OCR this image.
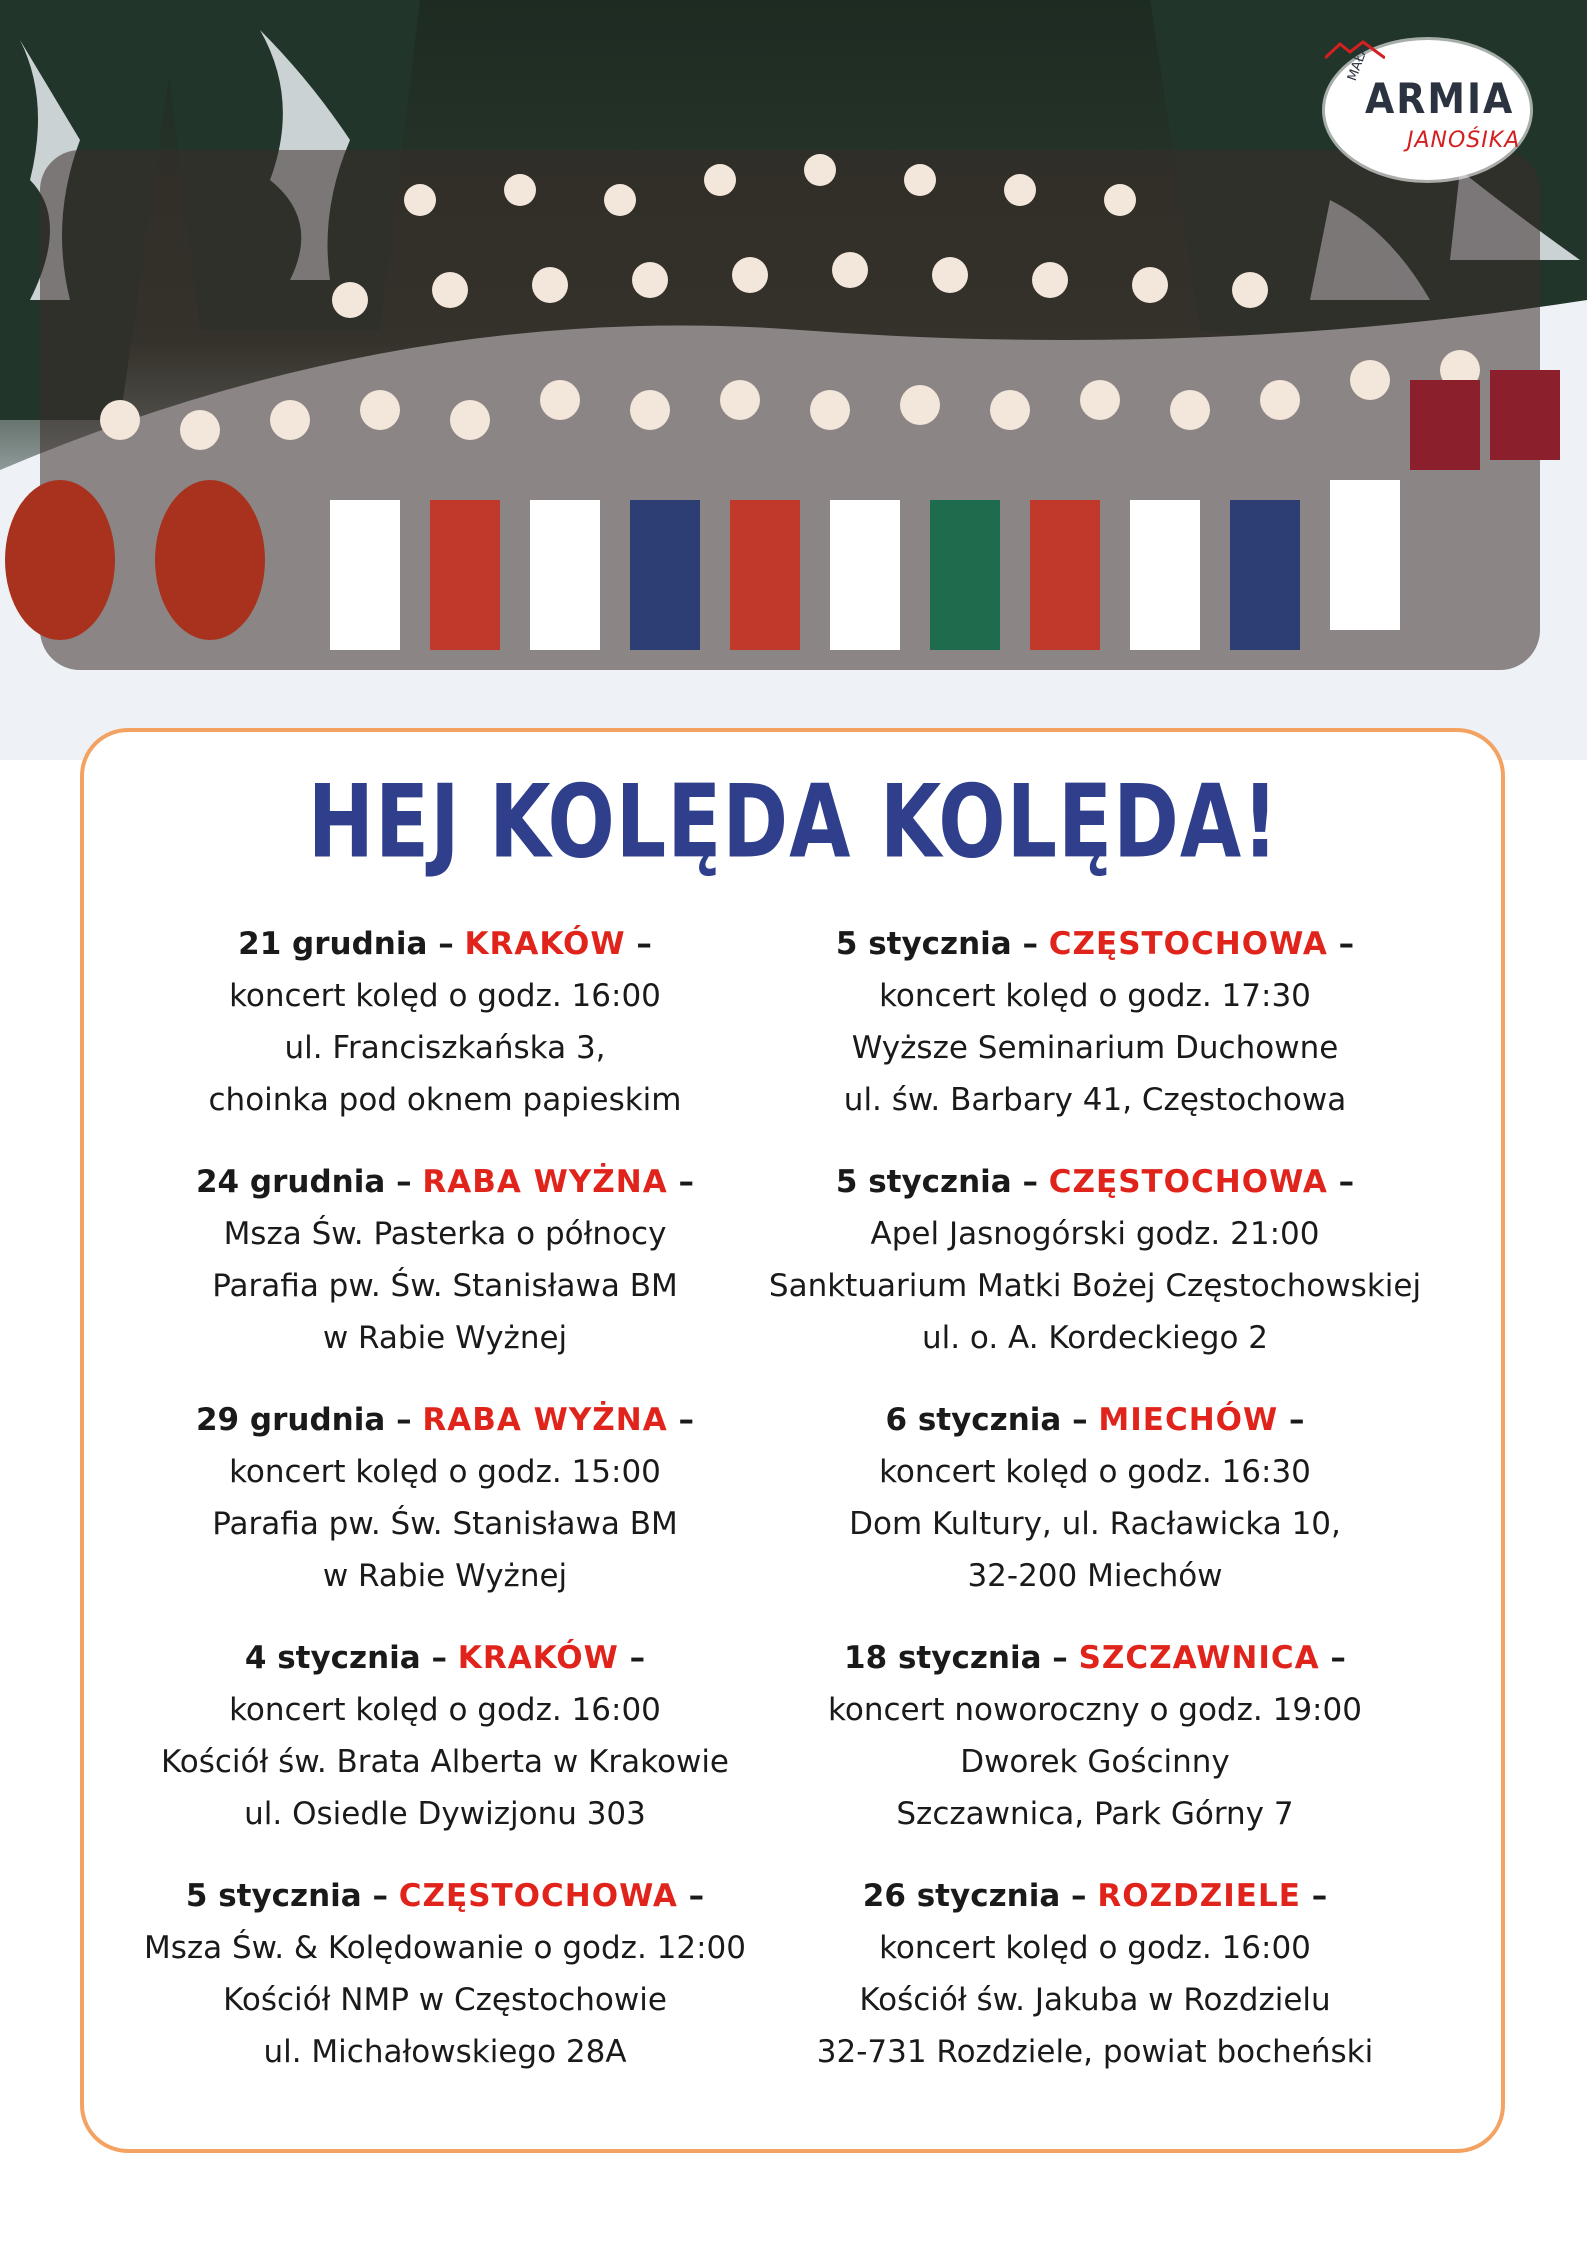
MAŁA
ARMIA
JANOŚIKA
HEJ KOLĘDA KOLĘDA!
21 grudnia – KRAKÓW –
koncert kolęd o godz. 16:00
ul. Franciszkańska 3,
choinka pod oknem papieskim
24 grudnia – RABA WYŻNA –
Msza Św. Pasterka o północy
Parafia pw. Św. Stanisława BM
w Rabie Wyżnej
29 grudnia – RABA WYŻNA –
koncert kolęd o godz. 15:00
Parafia pw. Św. Stanisława BM
w Rabie Wyżnej
4 stycznia – KRAKÓW –
koncert kolęd o godz. 16:00
Kościół św. Brata Alberta w Krakowie
ul. Osiedle Dywizjonu 303
5 stycznia – CZĘSTOCHOWA –
Msza Św. & Kolędowanie o godz. 12:00
Kościół NMP w Częstochowie
ul. Michałowskiego 28A
5 stycznia – CZĘSTOCHOWA –
koncert kolęd o godz. 17:30
Wyższe Seminarium Duchowne
ul. św. Barbary 41, Częstochowa
5 stycznia – CZĘSTOCHOWA –
Apel Jasnogórski godz. 21:00
Sanktuarium Matki Bożej Częstochowskiej
ul. o. A. Kordeckiego 2
6 stycznia – MIECHÓW –
koncert kolęd o godz. 16:30
Dom Kultury, ul. Racławicka 10,
32-200 Miechów
18 stycznia – SZCZAWNICA –
koncert noworoczny o godz. 19:00
Dworek Gościnny
Szczawnica, Park Górny 7
26 stycznia – ROZDZIELE –
koncert kolęd o godz. 16:00
Kościół św. Jakuba w Rozdzielu
32-731 Rozdziele, powiat bocheński
